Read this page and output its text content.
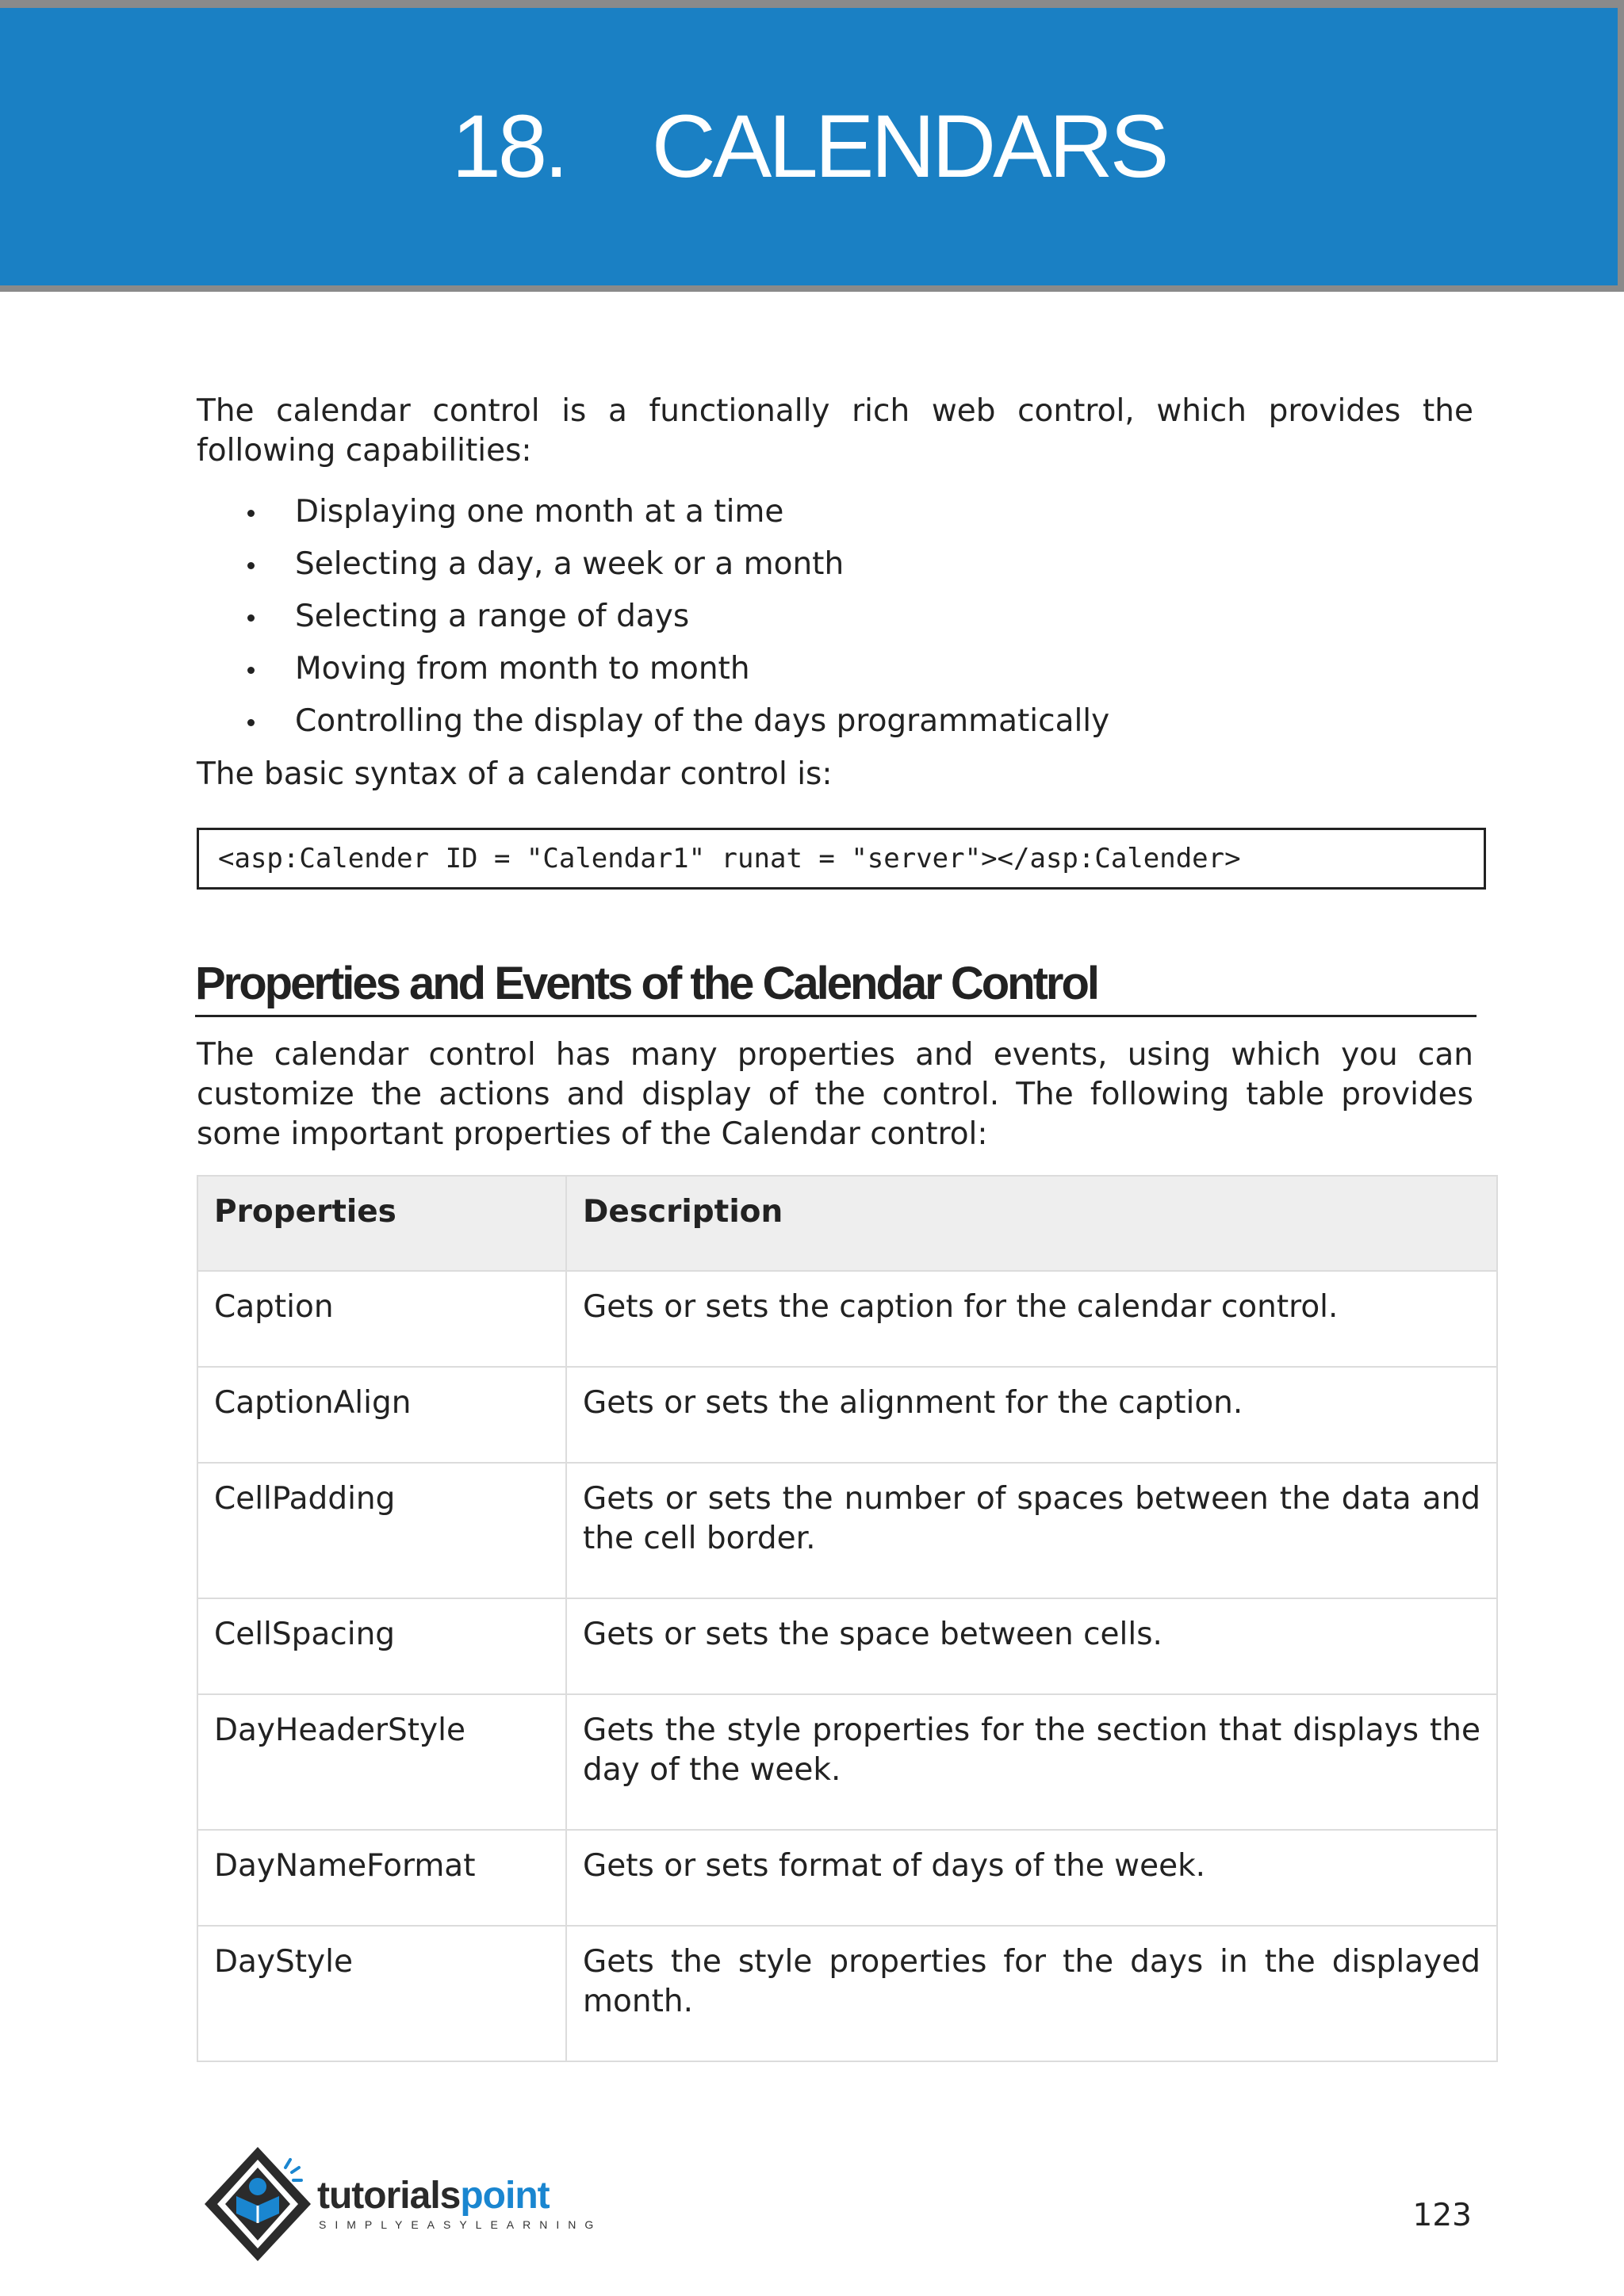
18. CALENDARS

The calendar control is a functionally rich web control, which provides the following capabilities:

Displaying one month at a time
Selecting a day, a week or a month
Selecting a range of days
Moving from month to month
Controlling the display of the days programmatically

The basic syntax of a calendar control is:

<asp:Calender ID = "Calendar1" runat = "server"></asp:Calender>
Properties and Events of the Calendar Control

The calendar control has many properties and events, using which you can customize the actions and display of the control. The following table provides some important properties of the Calendar control:

Properties	Description
Caption	Gets or sets the caption for the calendar control.
CaptionAlign	Gets or sets the alignment for the caption.
CellPadding	Gets or sets the number of spaces between the data and the cell border.
CellSpacing	Gets or sets the space between cells.
DayHeaderStyle	Gets the style properties for the section that displays the day of the week.
DayNameFormat	Gets or sets format of days of the week.
DayStyle	Gets the style properties for the days in the displayed month.
tutorialspoint
SIMPLYEASYLEARNING	123
